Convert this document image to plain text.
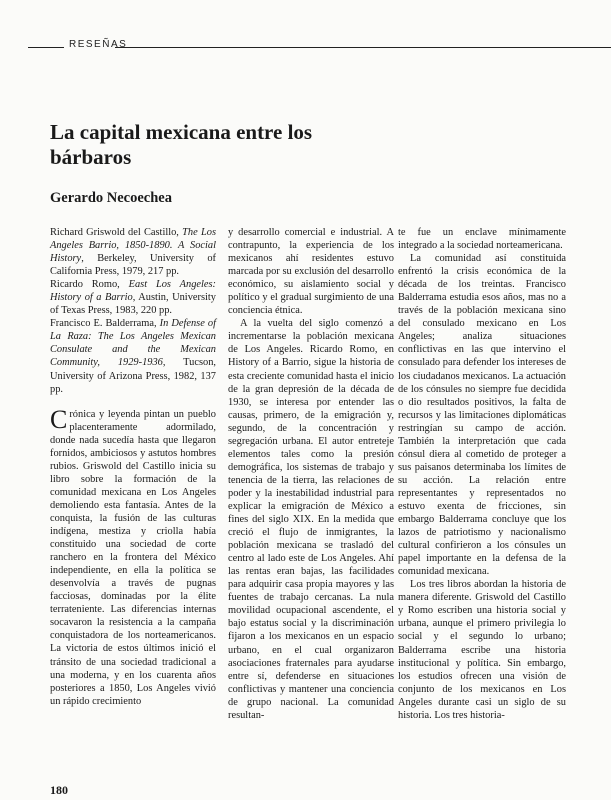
RESEÑAS
La capital mexicana entre los bárbaros
Gerardo Necoechea

Richard Griswold del Castillo, The Los Angeles Barrio, 1850-1890. A Social History, Berkeley, University of California Press, 1979, 217 pp.

Ricardo Romo, East Los Angeles: History of a Barrio, Austin, University of Texas Press, 1983, 220 pp.

Francisco E. Balderrama, In Defense of La Raza: The Los Angeles Mexican Consulate and the Mexican Community, 1929-1936, Tucson, University of Arizona Press, 1982, 137 pp.

Crónica y leyenda pintan un pueblo placenteramente adormilado, donde nada sucedía hasta que llegaron fornidos, ambiciosos y astutos hombres rubios. Griswold del Castillo inicia su libro sobre la formación de la comunidad mexicana en Los Angeles demoliendo esta fantasía. Antes de la conquista, la fusión de las culturas indígena, mestiza y criolla había constituido una sociedad de corte ranchero en la frontera del México independiente, en ella la política se desenvolvía a través de pugnas facciosas, dominadas por la élite terrateniente. Las diferencias internas socavaron la resistencia a la campaña conquistadora de los norteamericanos. La victoria de estos últimos inició el tránsito de una sociedad tradicional a una moderna, y en los cuarenta años posteriores a 1850, Los Angeles vivió un rápido crecimiento

y desarrollo comercial e industrial. A contrapunto, la experiencia de los mexicanos ahí residentes estuvo marcada por su exclusión del desarrollo económico, su aislamiento social y político y el gradual surgimiento de una conciencia étnica.

A la vuelta del siglo comenzó a incrementarse la población mexicana de Los Angeles. Ricardo Romo, en History of a Barrio, sigue la historia de esta creciente comunidad hasta el inicio de la gran depresión de la década de 1930, se interesa por entender las causas, primero, de la emigración y, segundo, de la concentración y segregación urbana. El autor entreteje elementos tales como la presión demográfica, los sistemas de trabajo y tenencia de la tierra, las relaciones de poder y la inestabilidad industrial para explicar la emigración de México a fines del siglo XIX. En la medida que creció el flujo de inmigrantes, la población mexicana se trasladó del centro al lado este de Los Angeles. Ahí las rentas eran bajas, las facilidades para adquirir casa propia mayores y las fuentes de trabajo cercanas. La nula movilidad ocupacional ascendente, el bajo estatus social y la discriminación fijaron a los mexicanos en un espacio urbano, en el cual organizaron asociaciones fraternales para ayudarse entre sí, defenderse en situaciones conflictivas y mantener una conciencia de grupo nacional. La comunidad resultan-

te fue un enclave mínimamente integrado a la sociedad norteamericana.

La comunidad así constituida enfrentó la crisis económica de la década de los treintas. Francisco Balderrama estudia esos años, mas no a través de la población mexicana sino del consulado mexicano en Los Angeles; analiza situaciones conflictivas en las que intervino el consulado para defender los intereses de los ciudadanos mexicanos. La actuación de los cónsules no siempre fue decidida o dio resultados positivos, la falta de recursos y las limitaciones diplomáticas restringían su campo de acción. También la interpretación que cada cónsul diera al cometido de proteger a sus paisanos determinaba los límites de su acción. La relación entre representantes y representados no estuvo exenta de fricciones, sin embargo Balderrama concluye que los lazos de patriotismo y nacionalismo cultural confirieron a los cónsules un papel importante en la defensa de la comunidad mexicana.

Los tres libros abordan la historia de manera diferente. Griswold del Castillo y Romo escriben una historia social y urbana, aunque el primero privilegia lo social y el segundo lo urbano; Balderrama escribe una historia institucional y política. Sin embargo, los estudios ofrecen una visión de conjunto de los mexicanos en Los Angeles durante casi un siglo de su historia. Los tres historia-

180
